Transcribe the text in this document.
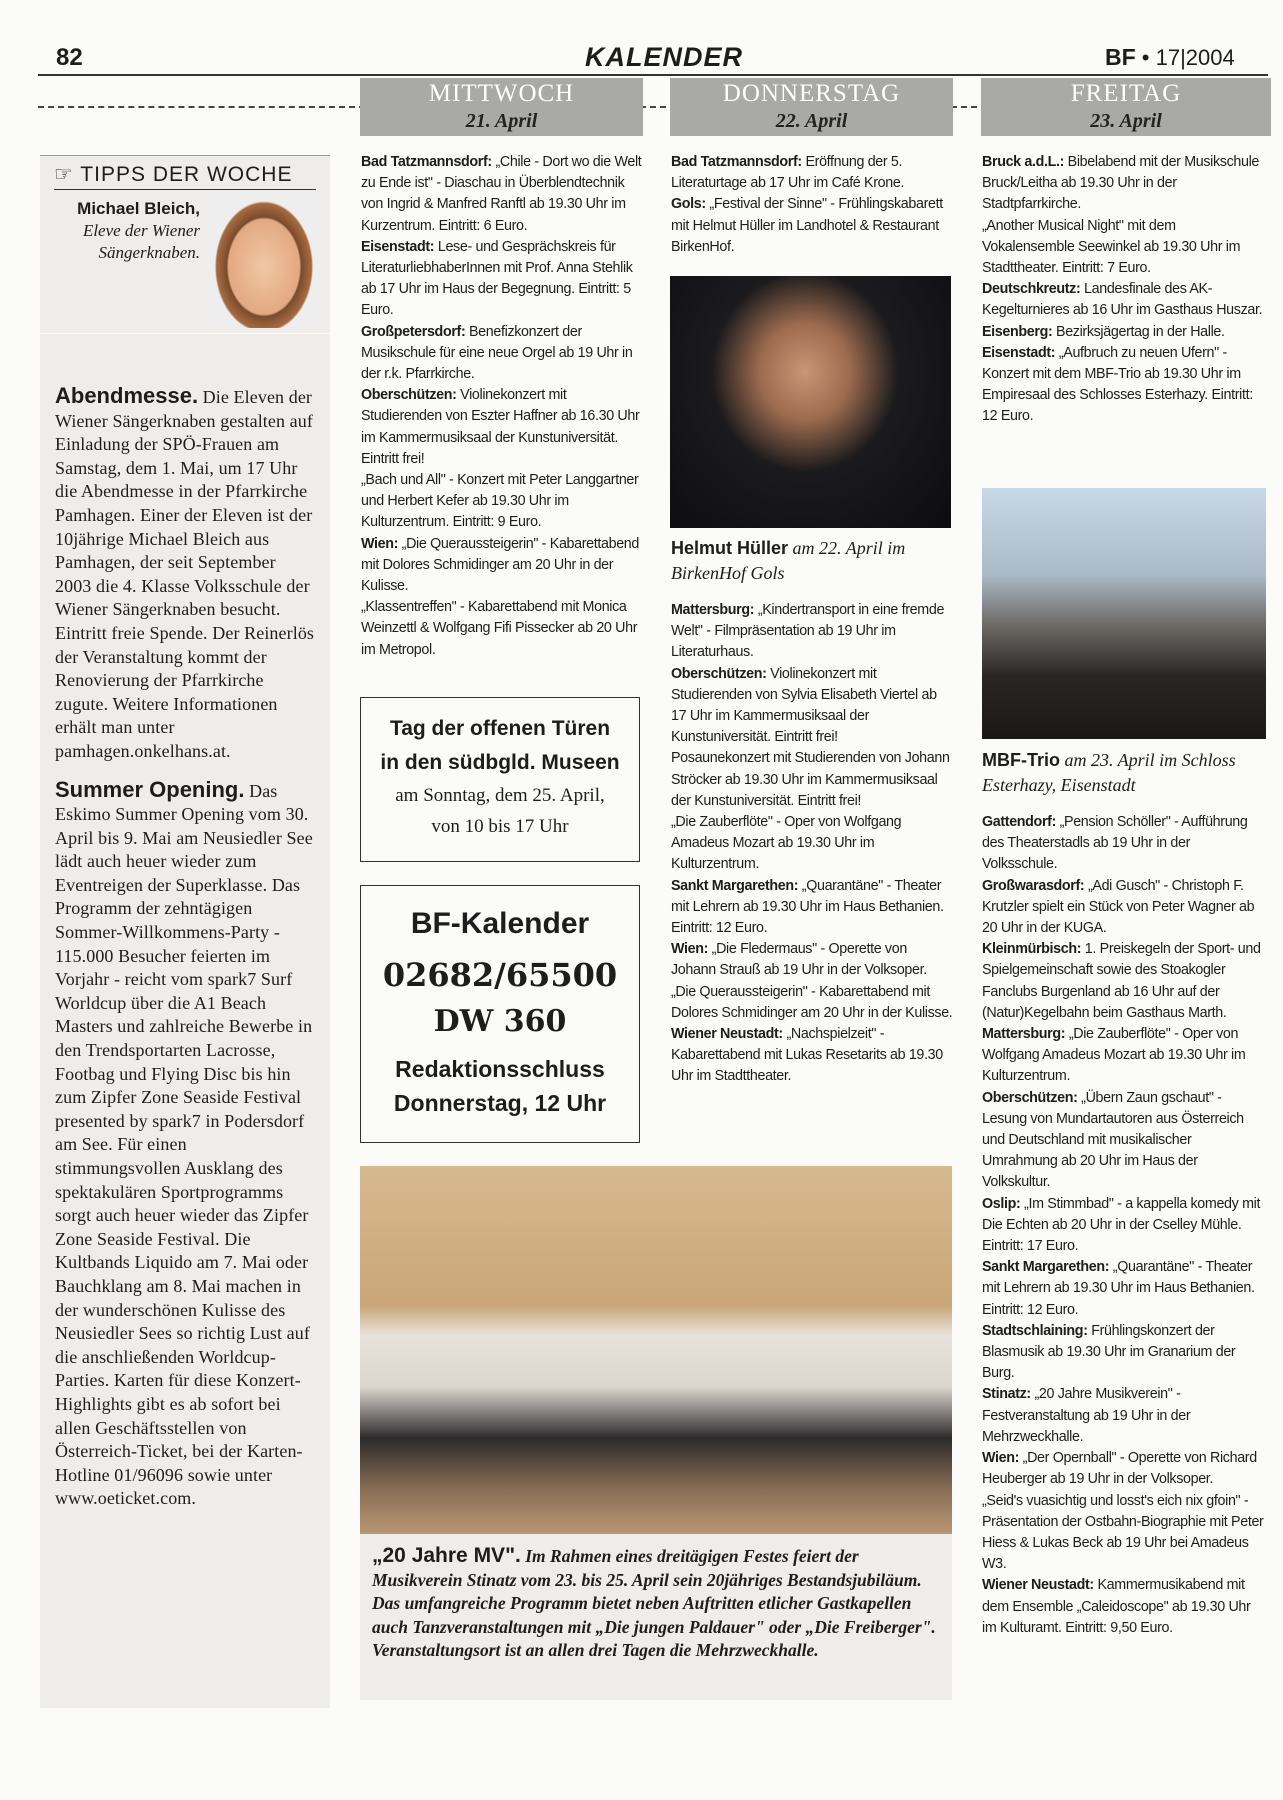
82	KALENDER	BF • 17|2004
MITTWOCH
21. April
DONNERSTAG
22. April
FREITAG
23. April
☞ TIPPS DER WOCHE
Michael Bleich,
Eleve der Wiener Sängerknaben.

Abendmesse. Die Eleven der Wiener Sängerknaben gestalten auf Einladung der SPÖ-Frauen am Samstag, dem 1. Mai, um 17 Uhr die Abendmesse in der Pfarrkirche Pamhagen. Einer der Eleven ist der 10jährige Michael Bleich aus Pamhagen, der seit September 2003 die 4. Klasse Volksschule der Wiener Sängerknaben besucht. Eintritt freie Spende. Der Reinerlös der Veranstaltung kommt der Renovierung der Pfarrkirche zugute. Weitere Informationen erhält man unter pamhagen.onkelhans.at.

Summer Opening. Das Eskimo Summer Opening vom 30. April bis 9. Mai am Neusiedler See lädt auch heuer wieder zum Eventreigen der Superklasse. Das Programm der zehntägigen Sommer-Willkommens-Party - 115.000 Besucher feierten im Vorjahr - reicht vom spark7 Surf Worldcup über die A1 Beach Masters und zahlreiche Bewerbe in den Trendsportarten Lacrosse, Footbag und Flying Disc bis hin zum Zipfer Zone Seaside Festival presented by spark7 in Podersdorf am See. Für einen stimmungsvollen Ausklang des spektakulären Sportprogramms sorgt auch heuer wieder das Zipfer Zone Seaside Festival. Die Kultbands Liquido am 7. Mai oder Bauchklang am 8. Mai machen in der wunderschönen Kulisse des Neusiedler Sees so richtig Lust auf die anschließenden Worldcup-Parties. Karten für diese Konzert-Highlights gibt es ab sofort bei allen Geschäftsstellen von Österreich-Ticket, bei der Karten-Hotline 01/96096 sowie unter www.oeticket.com.

Bad Tatzmannsdorf: „Chile - Dort wo die Welt zu Ende ist" - Diaschau in Überblendtechnik von Ingrid & Manfred Ranftl ab 19.30 Uhr im Kurzentrum. Eintritt: 6 Euro.
Eisenstadt: Lese- und Gesprächskreis für LiteraturliebhaberInnen mit Prof. Anna Stehlik ab 17 Uhr im Haus der Begegnung. Eintritt: 5 Euro.
Großpetersdorf: Benefizkonzert der Musikschule für eine neue Orgel ab 19 Uhr in der r.k. Pfarrkirche.
Oberschützen: Violinekonzert mit Studierenden von Eszter Haffner ab 16.30 Uhr im Kammermusiksaal der Kunstuniversität. Eintritt frei!
„Bach und All" - Konzert mit Peter Langgartner und Herbert Kefer ab 19.30 Uhr im Kulturzentrum. Eintritt: 9 Euro.
Wien: „Die Queraussteigerin" - Kabarettabend mit Dolores Schmidinger am 20 Uhr in der Kulisse.
„Klassentreffen" - Kabarettabend mit Monica Weinzettl & Wolfgang Fifi Pissecker ab 20 Uhr im Metropol.
Tag der offenen Türen
in den südbgld. Museen
am Sonntag, dem 25. April,
von 10 bis 17 Uhr
BF-Kalender
02682/65500
DW 360
Redaktionsschluss
Donnerstag, 12 Uhr
Bad Tatzmannsdorf: Eröffnung der 5. Literaturtage ab 17 Uhr im Café Krone.
Gols: „Festival der Sinne" - Frühlingskabarett mit Helmut Hüller im Landhotel & Restaurant BirkenHof.
Helmut Hüller am 22. April im BirkenHof Gols
Mattersburg: „Kindertransport in eine fremde Welt" - Filmpräsentation ab 19 Uhr im Literaturhaus.
Oberschützen: Violinekonzert mit Studierenden von Sylvia Elisabeth Viertel ab 17 Uhr im Kammermusiksaal der Kunstuniversität. Eintritt frei!
Posaunekonzert mit Studierenden von Johann Ströcker ab 19.30 Uhr im Kammermusiksaal der Kunstuniversität. Eintritt frei!
„Die Zauberflöte" - Oper von Wolfgang Amadeus Mozart ab 19.30 Uhr im Kulturzentrum.
Sankt Margarethen: „Quarantäne" - Theater mit Lehrern ab 19.30 Uhr im Haus Bethanien. Eintritt: 12 Euro.
Wien: „Die Fledermaus" - Operette von Johann Strauß ab 19 Uhr in der Volksoper.
„Die Queraussteigerin" - Kabarettabend mit Dolores Schmidinger am 20 Uhr in der Kulisse.
Wiener Neustadt: „Nachspielzeit" - Kabarettabend mit Lukas Resetarits ab 19.30 Uhr im Stadttheater.
Bruck a.d.L.: Bibelabend mit der Musikschule Bruck/Leitha ab 19.30 Uhr in der Stadtpfarrkirche.
„Another Musical Night" mit dem Vokalensemble Seewinkel ab 19.30 Uhr im Stadttheater. Eintritt: 7 Euro.
Deutschkreutz: Landesfinale des AK-Kegelturnieres ab 16 Uhr im Gasthaus Huszar.
Eisenberg: Bezirksjägertag in der Halle.
Eisenstadt: „Aufbruch zu neuen Ufern" - Konzert mit dem MBF-Trio ab 19.30 Uhr im Empiresaal des Schlosses Esterhazy. Eintritt: 12 Euro.
MBF-Trio am 23. April im Schloss Esterhazy, Eisenstadt
Gattendorf: „Pension Schöller" - Aufführung des Theaterstadls ab 19 Uhr in der Volksschule.
Großwarasdorf: „Adi Gusch" - Christoph F. Krutzler spielt ein Stück von Peter Wagner ab 20 Uhr in der KUGA.
Kleinmürbisch: 1. Preiskegeln der Sport- und Spielgemeinschaft sowie des Stoakogler Fanclubs Burgenland ab 16 Uhr auf der (Natur)Kegelbahn beim Gasthaus Marth.
Mattersburg: „Die Zauberflöte" - Oper von Wolfgang Amadeus Mozart ab 19.30 Uhr im Kulturzentrum.
Oberschützen: „Übern Zaun gschaut" - Lesung von Mundartautoren aus Österreich und Deutschland mit musikalischer Umrahmung ab 20 Uhr im Haus der Volkskultur.
Oslip: „Im Stimmbad" - a kappella komedy mit Die Echten ab 20 Uhr in der Cselley Mühle. Eintritt: 17 Euro.
Sankt Margarethen: „Quarantäne" - Theater mit Lehrern ab 19.30 Uhr im Haus Bethanien. Eintritt: 12 Euro.
Stadtschlaining: Frühlingskonzert der Blasmusik ab 19.30 Uhr im Granarium der Burg.
Stinatz: „20 Jahre Musikverein" - Festveranstaltung ab 19 Uhr in der Mehrzweckhalle.
Wien: „Der Opernball" - Operette von Richard Heuberger ab 19 Uhr in der Volksoper.
„Seid's vuasichtig und losst's eich nix gfoin" - Präsentation der Ostbahn-Biographie mit Peter Hiess & Lukas Beck ab 19 Uhr bei Amadeus W3.
Wiener Neustadt: Kammermusikabend mit dem Ensemble „Caleidoscope" ab 19.30 Uhr im Kulturamt. Eintritt: 9,50 Euro.
„20 Jahre MV". Im Rahmen eines dreitägigen Festes feiert der Musikverein Stinatz vom 23. bis 25. April sein 20jähriges Bestandsjubiläum. Das umfangreiche Programm bietet neben Auftritten etlicher Gastkapellen auch Tanzveranstaltungen mit „Die jungen Paldauer" oder „Die Freiberger". Veranstaltungsort ist an allen drei Tagen die Mehrzweckhalle.
